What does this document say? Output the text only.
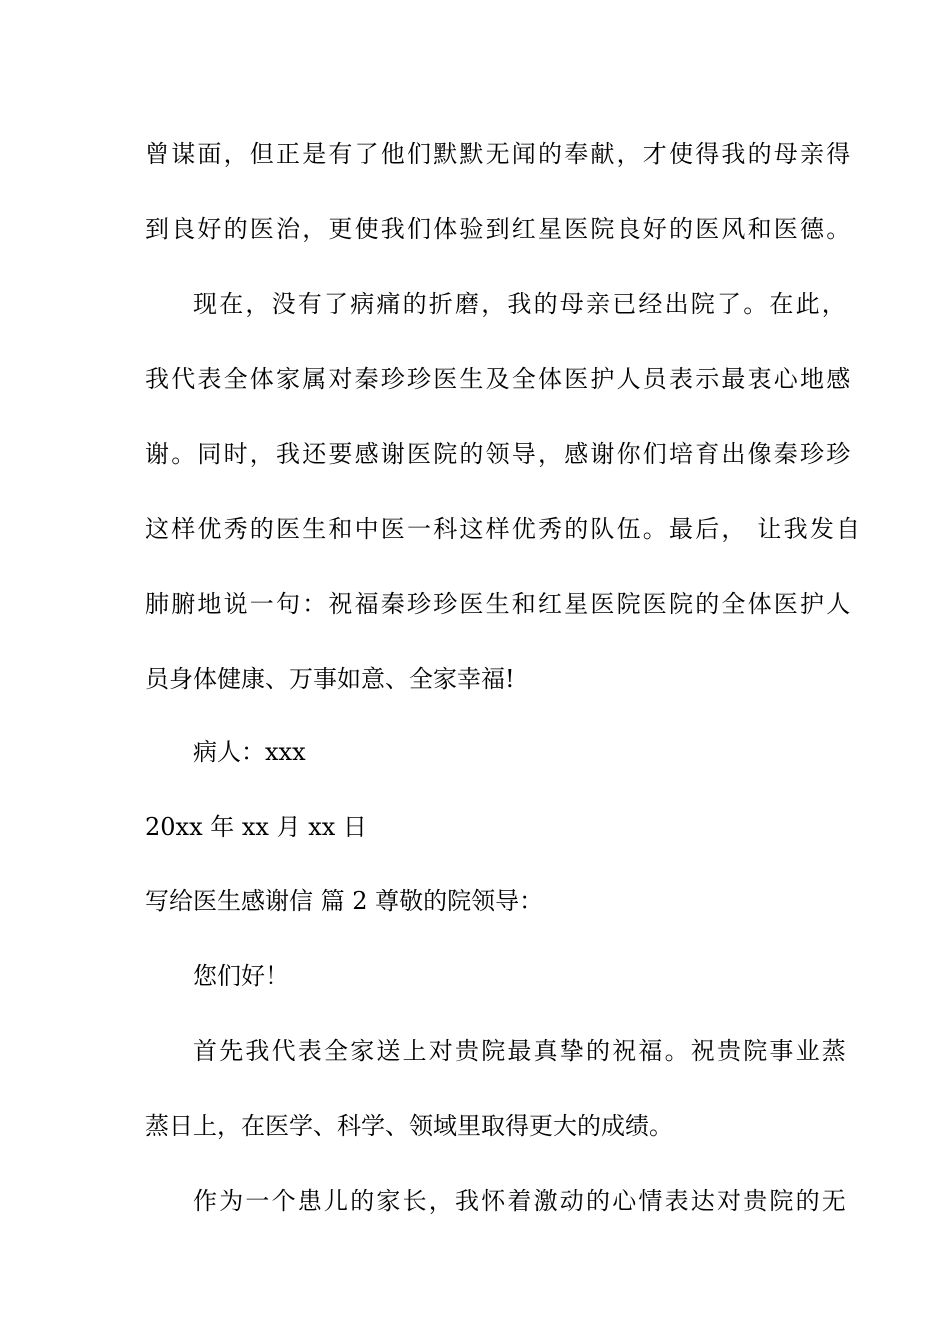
曾谋面，但正是有了他们默默无闻的奉献，才使得我的母亲得
到良好的医治，更使我们体验到红星医院良好的医风和医德。
现在，没有了病痛的折磨，我的母亲已经出院了。在此，
我代表全体家属对秦珍珍医生及全体医护人员表示最衷心地感
谢。同时，我还要感谢医院的领导，感谢你们培育出像秦珍珍
这样优秀的医生和中医一科这样优秀的队伍。最后， 让我发自
肺腑地说一句：祝福秦珍珍医生和红星医院医院的全体医护人
员身体健康、万事如意、全家幸福!
病人：xxx
20xx 年 xx 月 xx 日
写给医生感谢信 篇 2 尊敬的院领导：
您们好！
首先我代表全家送上对贵院最真挚的祝福。祝贵院事业蒸
蒸日上，在医学、科学、领域里取得更大的成绩。
作为一个患儿的家长，我怀着激动的心情表达对贵院的无
